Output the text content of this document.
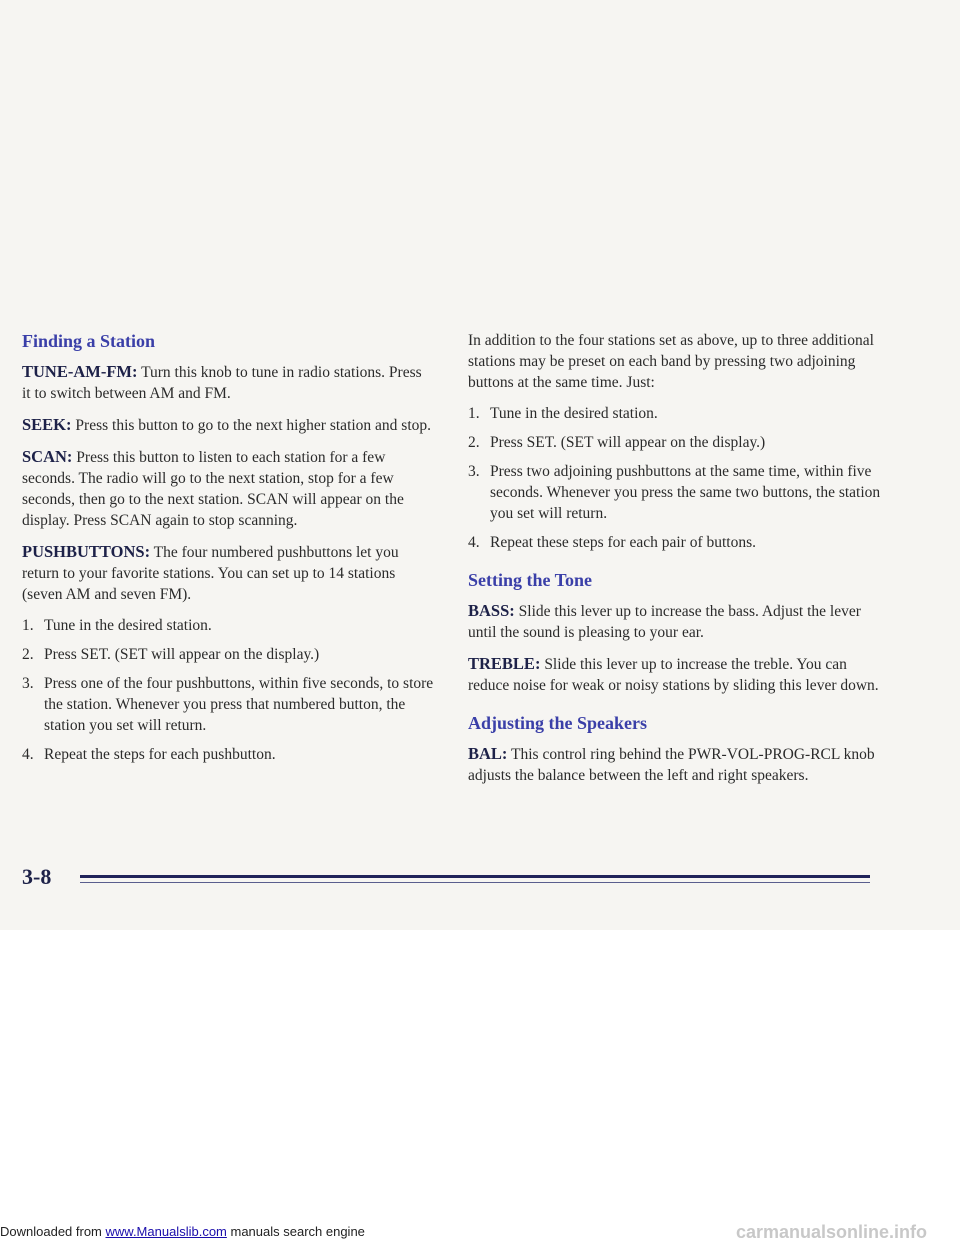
Finding a Station

TUNE-AM-FM: Turn this knob to tune in radio stations. Press it to switch between AM and FM.

SEEK: Press this button to go to the next higher station and stop.

SCAN: Press this button to listen to each station for a few seconds. The radio will go to the next station, stop for a few seconds, then go to the next station. SCAN will appear on the display. Press SCAN again to stop scanning.

PUSHBUTTONS: The four numbered pushbuttons let you return to your favorite stations. You can set up to 14 stations (seven AM and seven FM).

1. Tune in the desired station.
2. Press SET. (SET will appear on the display.)
3. Press one of the four pushbuttons, within five seconds, to store the station. Whenever you press that numbered button, the station you set will return.
4. Repeat the steps for each pushbutton.

In addition to the four stations set as above, up to three additional stations may be preset on each band by pressing two adjoining buttons at the same time. Just:

1. Tune in the desired station.
2. Press SET. (SET will appear on the display.)
3. Press two adjoining pushbuttons at the same time, within five seconds. Whenever you press the same two buttons, the station you set will return.
4. Repeat these steps for each pair of buttons.
Setting the Tone

BASS: Slide this lever up to increase the bass. Adjust the lever until the sound is pleasing to your ear.

TREBLE: Slide this lever up to increase the treble. You can reduce noise for weak or noisy stations by sliding this lever down.

Adjusting the Speakers

BAL: This control ring behind the PWR-VOL-PROG-RCL knob adjusts the balance between the left and right speakers.

3-8
Downloaded from www.Manualslib.com manuals search engine	carmanualsonline.info
